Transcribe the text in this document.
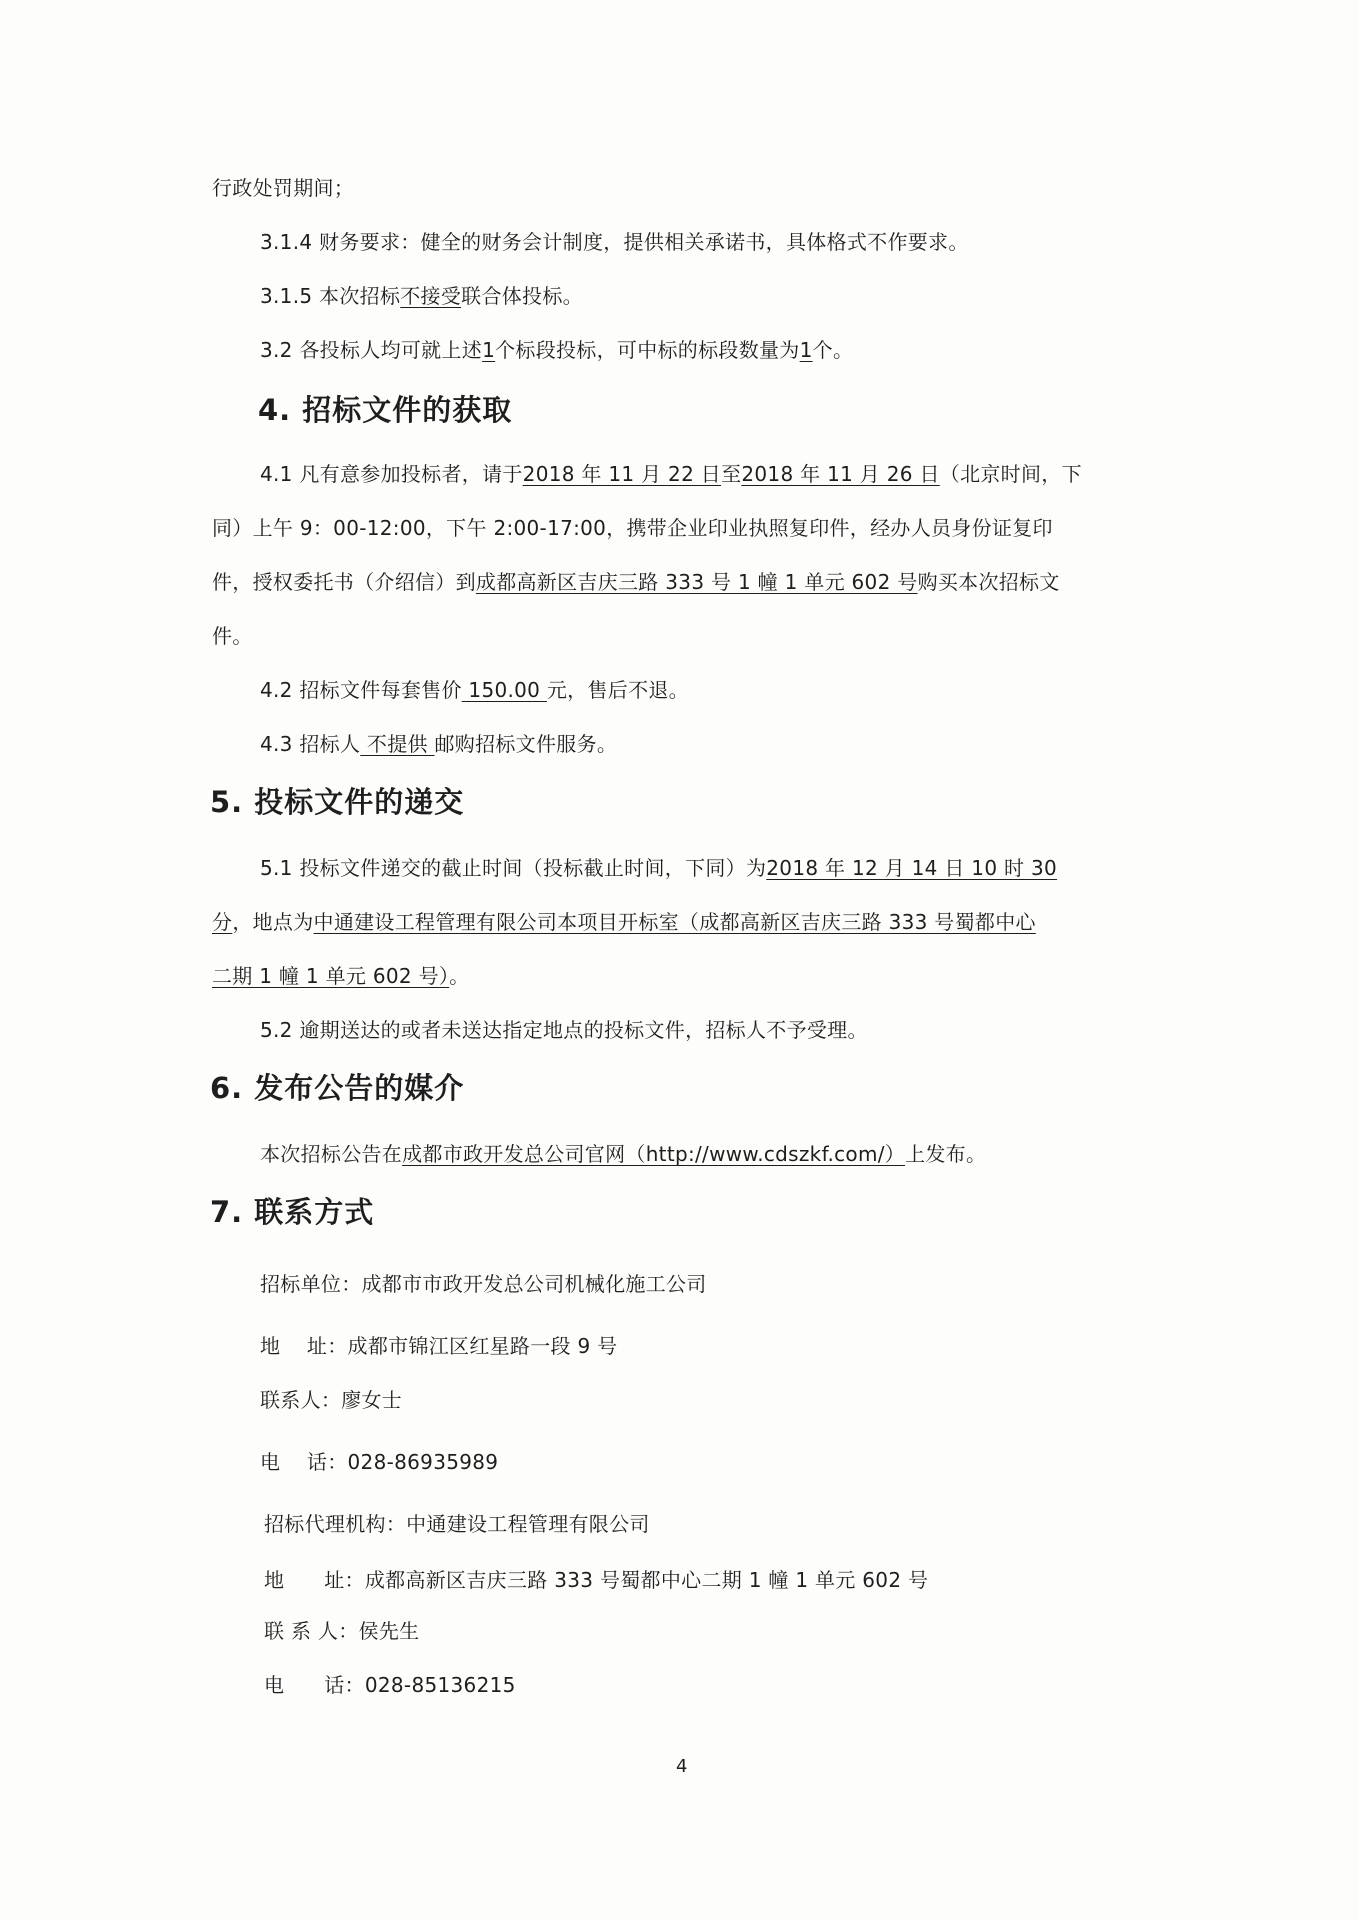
行政处罚期间；
3.1.4 财务要求：健全的财务会计制度，提供相关承诺书，具体格式不作要求。
3.1.5 本次招标不接受联合体投标。
3.2 各投标人均可就上述1个标段投标，可中标的标段数量为1个。
4. 招标文件的获取
4.1 凡有意参加投标者，请于2018 年 11 月 22 日至2018 年 11 月 26 日（北京时间，下
同）上午 9：00-12:00，下午 2:00-17:00，携带企业印业执照复印件，经办人员身份证复印
件，授权委托书（介绍信）到成都高新区吉庆三路 333 号 1 幢 1 单元 602 号购买本次招标文
件。
4.2 招标文件每套售价 150.00 元，售后不退。
4.3 招标人 不提供 邮购招标文件服务。
5. 投标文件的递交
5.1 投标文件递交的截止时间（投标截止时间，下同）为2018 年 12 月 14 日 10 时 30
分，地点为中通建设工程管理有限公司本项目开标室（成都高新区吉庆三路 333 号蜀都中心
二期 1 幢 1 单元 602 号）。
5.2 逾期送达的或者未送达指定地点的投标文件，招标人不予受理。
6. 发布公告的媒介
本次招标公告在成都市政开发总公司官网（http://www.cdszkf.com/）上发布。
7. 联系方式
招标单位：成都市市政开发总公司机械化施工公司
地    址：成都市锦江区红星路一段 9 号
联系人：廖女士
电    话：028-86935989
招标代理机构：中通建设工程管理有限公司
地      址：成都高新区吉庆三路 333 号蜀都中心二期 1 幢 1 单元 602 号
联 系 人：侯先生
电      话：028-85136215
4
